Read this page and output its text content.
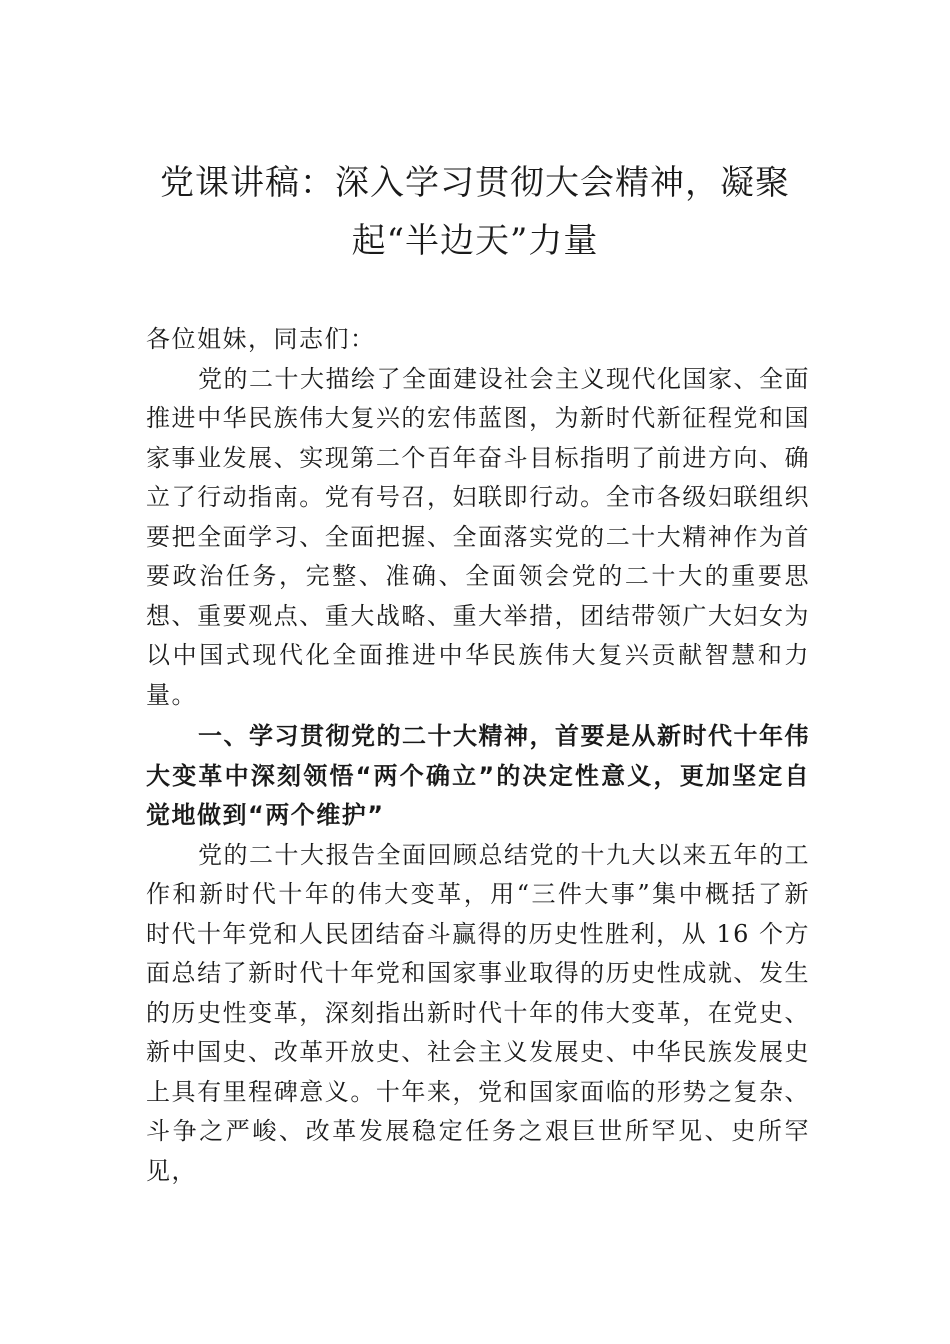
党课讲稿：深入学习贯彻大会精神，凝聚
起“半边天”力量

各位姐妹，同志们：

党的二十大描绘了全面建设社会主义现代化国家、全面推进中华民族伟大复兴的宏伟蓝图，为新时代新征程党和国家事业发展、实现第二个百年奋斗目标指明了前进方向、确立了行动指南。党有号召，妇联即行动。全市各级妇联组织 要把全面学习、全面把握、全面落实党的二十大精神作为首要政治任务，完整、准确、全面领会党的二十大的重要思想、重要观点、重大战略、重大举措，团结带领广大妇女为以中国式现代化全面推进中华民族伟大复兴贡献智慧和力量。

一、学习贯彻党的二十大精神，首要是从新时代十年伟大变革中深刻领悟“两个确立”的决定性意义，更加坚定自觉地做到“两个维护”

党的二十大报告全面回顾总结党的十九大以来五年的工作和新时代十年的伟大变革，用“三件大事”集中概括了新时代十年党和人民团结奋斗赢得的历史性胜利，从 16 个方面总结了新时代十年党和国家事业取得的历史性成就、发生的历史性变革，深刻指出新时代十年的伟大变革，在党史、新中国史、改革开放史、社会主义发展史、中华民族发展史上具有里程碑意义。十年来，党和国家面临的形势之复杂、 斗争之严峻、改革发展稳定任务之艰巨世所罕见、史所罕见，
